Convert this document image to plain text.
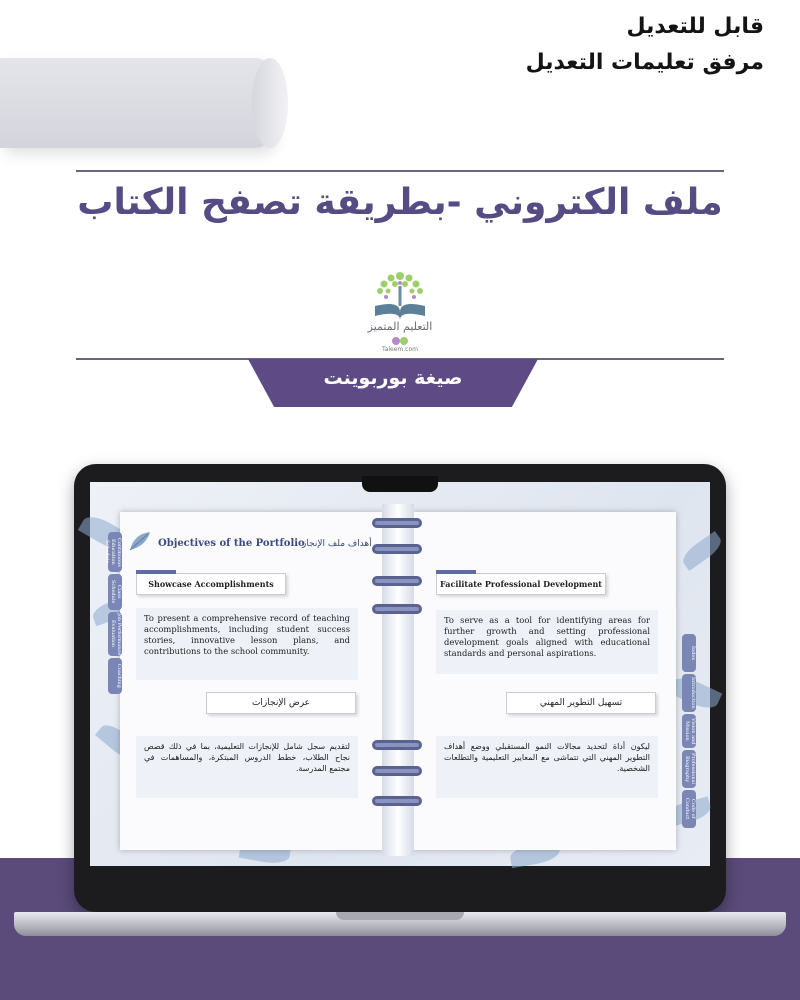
قابل للتعديل
مرفق تعليمات التعديل
ملف الكتروني -بطريقة تصفح الكتاب
التعليم المتميز
Taleem.com
صيغة بوربوينت
Continuous Education Schedule
Class Schedule
Job Performance Evaluation
Coaching
Index
Introduction
Vision and Mission
Professional Biography
Code of Conduct
Objectives of the Portfolio
أهداف ملف الإنجاز
Showcase Accomplishments
To present a comprehensive record of teaching accomplishments, including student success stories, innovative lesson plans, and contributions to the school community.
عرض الإنجازات
لتقديم سجل شامل للإنجازات التعليمية، بما في ذلك قصص نجاح الطلاب، خطط الدروس المبتكرة، والمساهمات في مجتمع المدرسة.
Facilitate Professional Development
To serve as a tool for identifying areas for further growth and setting professional development goals aligned with educational standards and personal aspirations.
تسهيل التطوير المهني
ليكون أداة لتحديد مجالات النمو المستقبلي ووضع أهداف التطوير المهني التي تتماشى مع المعايير التعليمية والتطلعات الشخصية.
